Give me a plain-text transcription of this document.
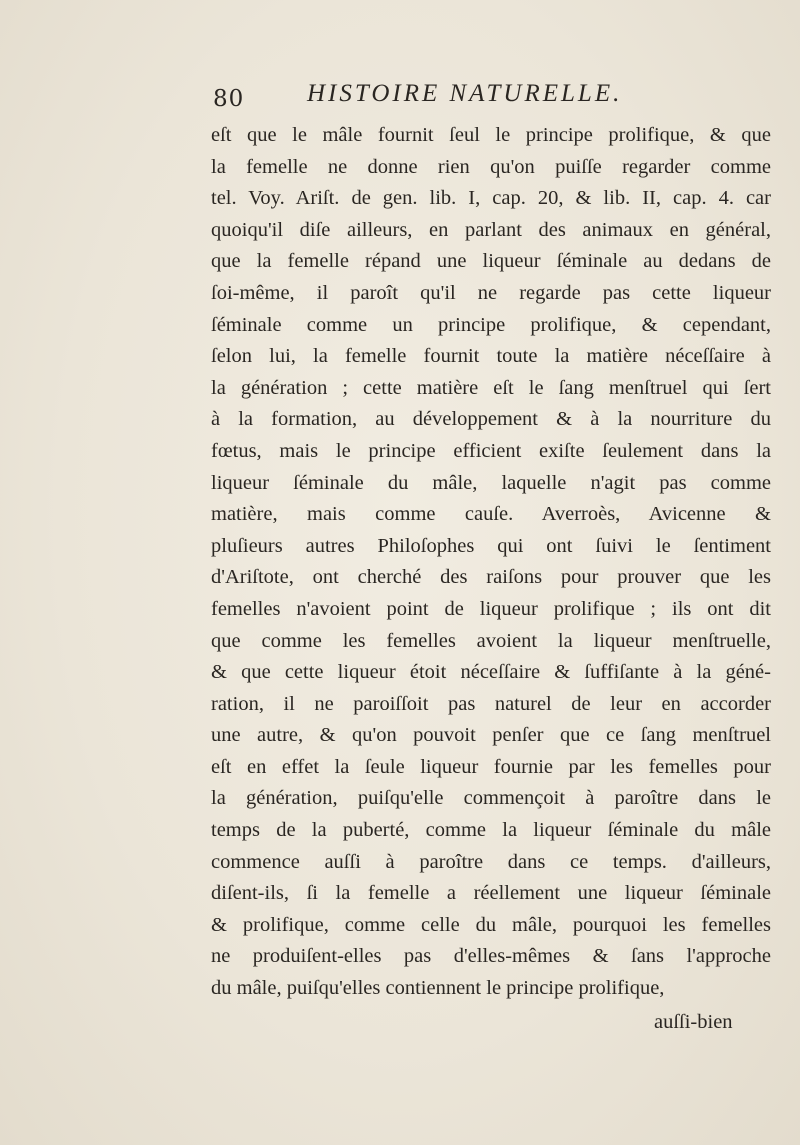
80	HISTOIRE NATURELLE.
eſt que le mâle fournit ſeul le principe prolifique, & que
la femelle ne donne rien qu'on puiſſe regarder comme
tel. Voy. Ariſt. de gen. lib. I, cap. 20, & lib. II, cap. 4. car
quoiqu'il diſe ailleurs, en parlant des animaux en général,
que la femelle répand une liqueur ſéminale au dedans de
ſoi-même, il paroît qu'il ne regarde pas cette liqueur
ſéminale comme un principe prolifique, & cependant,
ſelon lui, la femelle fournit toute la matière néceſſaire à
la génération ; cette matière eſt le ſang menſtruel qui ſert
à la formation, au développement & à la nourriture du
fœtus, mais le principe efficient exiſte ſeulement dans la
liqueur ſéminale du mâle, laquelle n'agit pas comme
matière, mais comme cauſe. Averroès, Avicenne &
pluſieurs autres Philoſophes qui ont ſuivi le ſentiment
d'Ariſtote, ont cherché des raiſons pour prouver que les
femelles n'avoient point de liqueur prolifique ; ils ont dit
que comme les femelles avoient la liqueur menſtruelle,
& que cette liqueur étoit néceſſaire & ſuffiſante à la géné-
ration, il ne paroiſſoit pas naturel de leur en accorder
une autre, & qu'on pouvoit penſer que ce ſang menſtruel
eſt en effet la ſeule liqueur fournie par les femelles pour
la génération, puiſqu'elle commençoit à paroître dans le
temps de la puberté, comme la liqueur ſéminale du mâle
commence auſſi à paroître dans ce temps. d'ailleurs,
diſent-ils, ſi la femelle a réellement une liqueur ſéminale
& prolifique, comme celle du mâle, pourquoi les femelles
ne produiſent-elles pas d'elles-mêmes & ſans l'approche
du mâle, puiſqu'elles contiennent le principe prolifique,
auſſi-bien
